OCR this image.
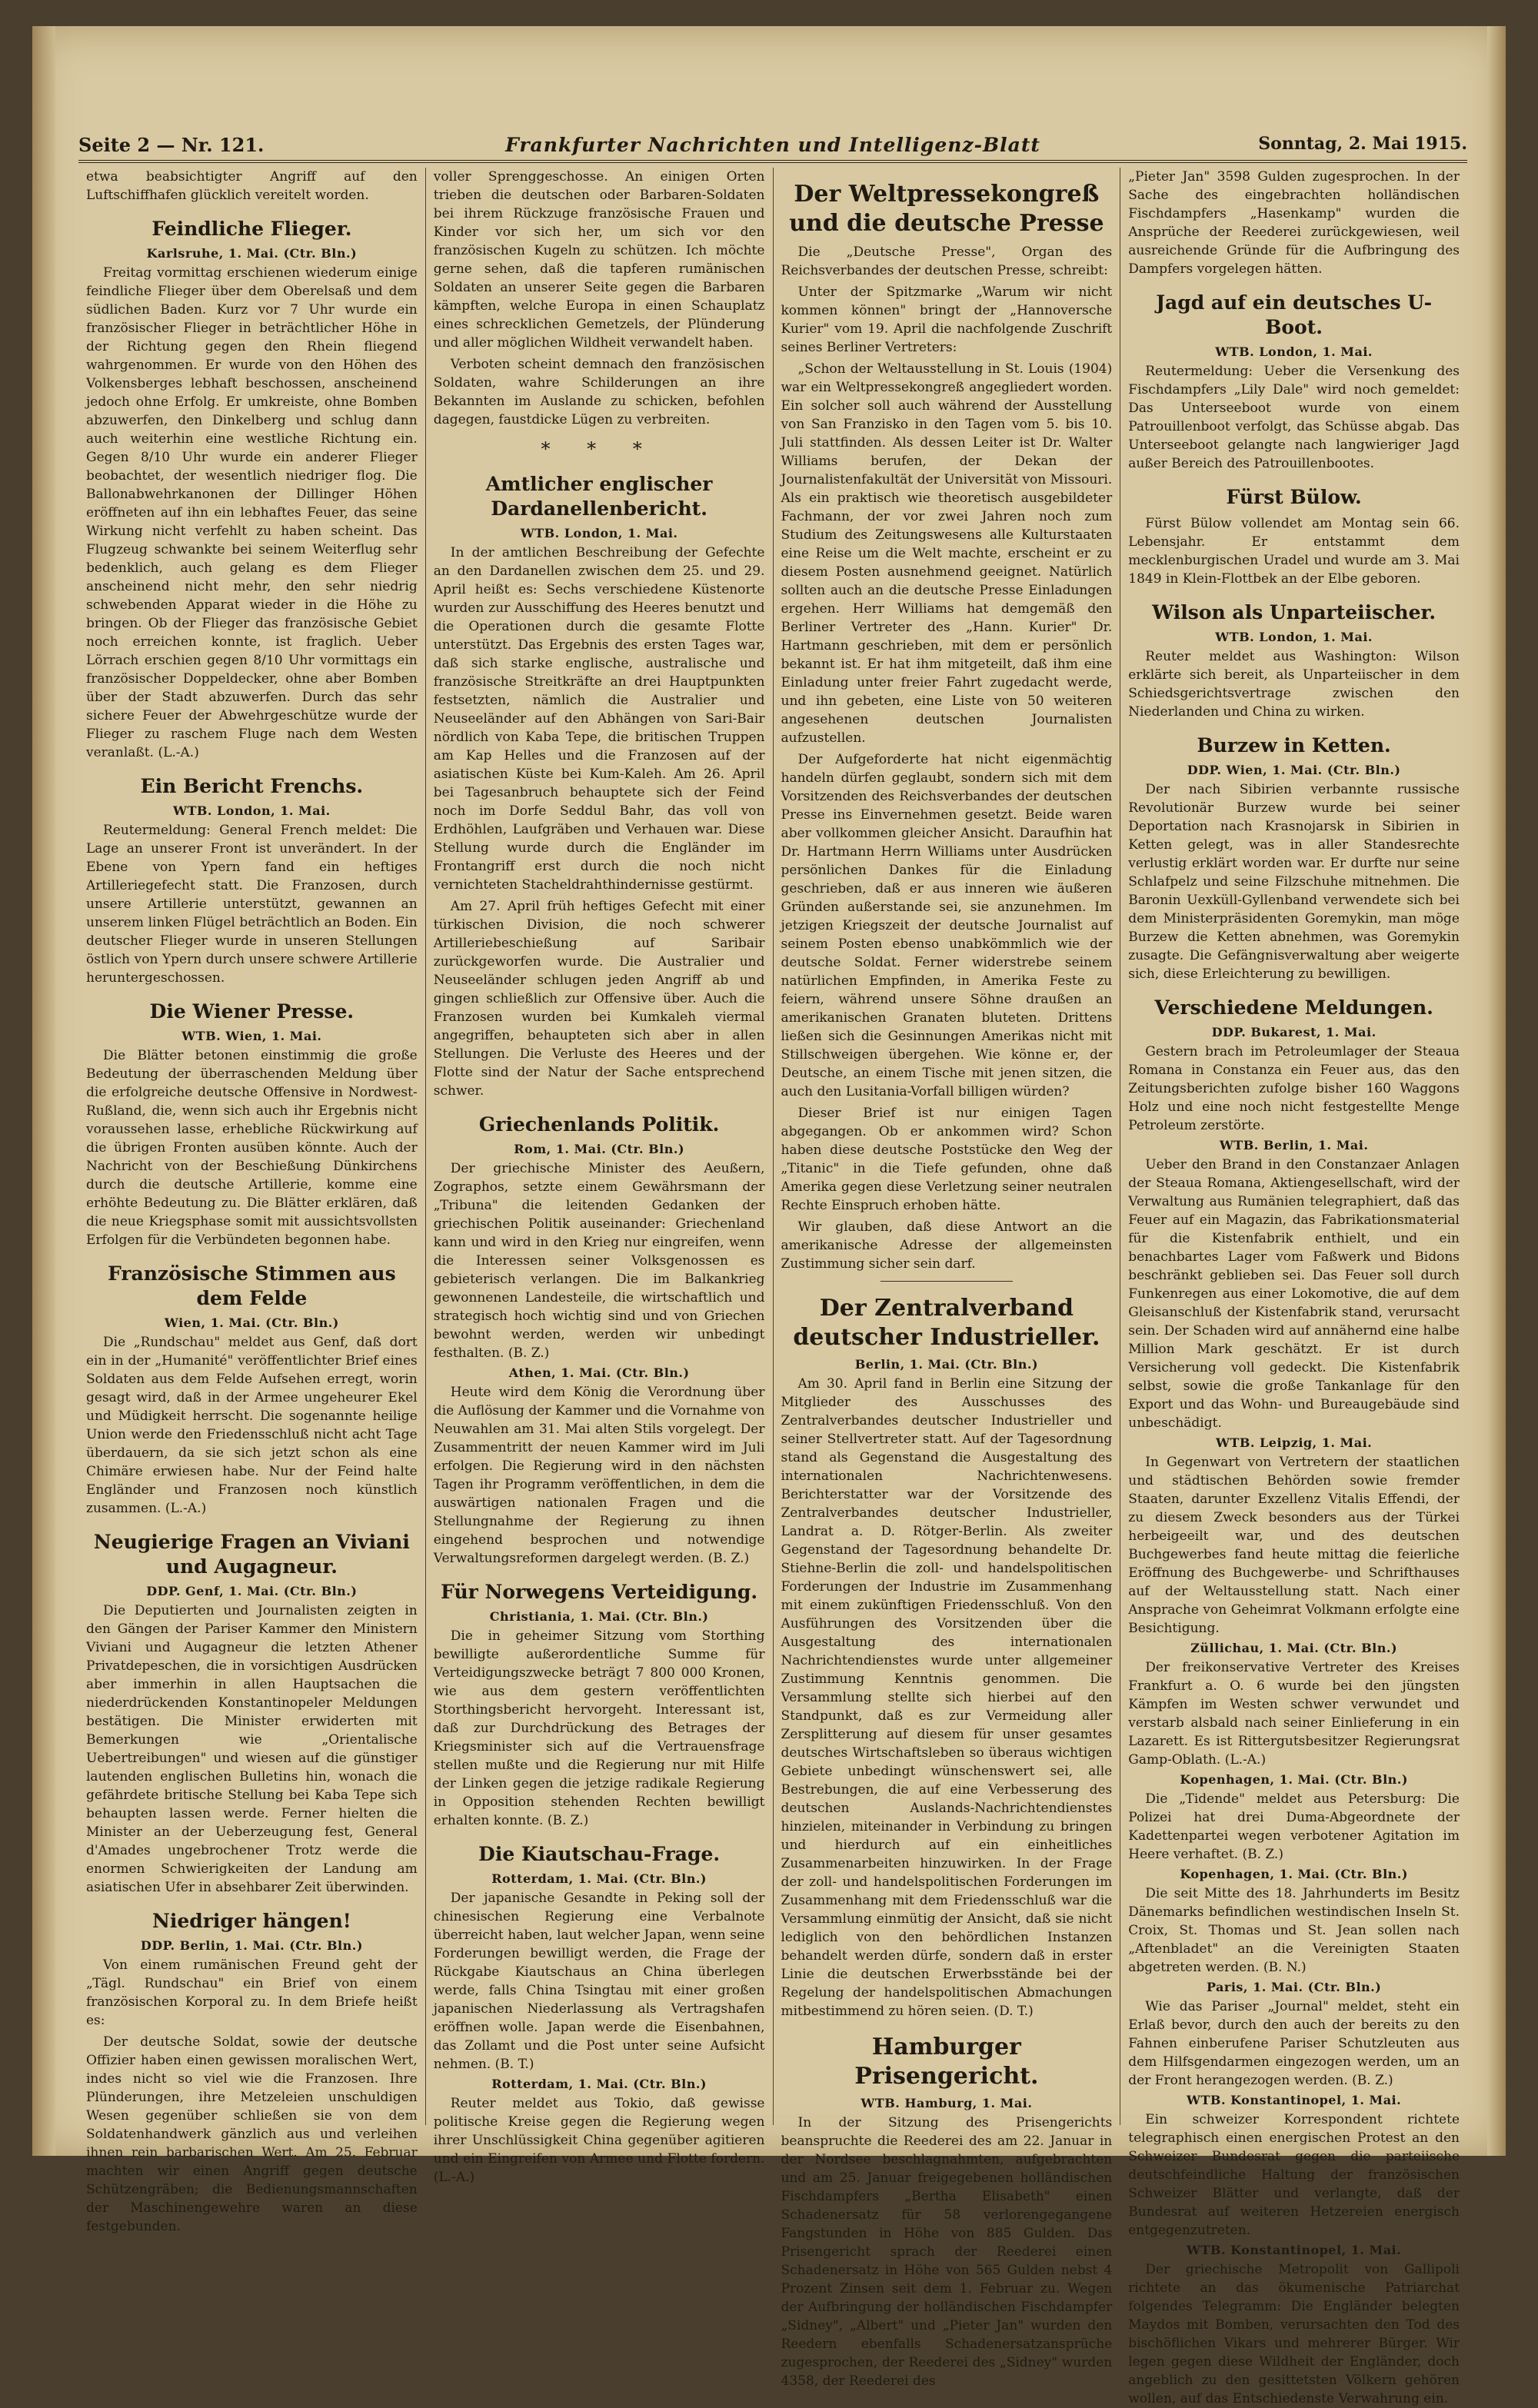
Seite 2 — Nr. 121.	Frankfurter Nachrichten und Intelligenz-Blatt	Sonntag, 2. Mai 1915.

etwa beabsichtigter Angriff auf den Luftschiffhafen glücklich vereitelt worden.

Feindliche Flieger.
Karlsruhe, 1. Mai. (Ctr. Bln.)

Freitag vormittag erschienen wiederum einige feindliche Flieger über dem Oberelsaß und dem südlichen Baden. Kurz vor 7 Uhr wurde ein französischer Flieger in beträchtlicher Höhe in der Richtung gegen den Rhein fliegend wahrgenommen. Er wurde von den Höhen des Volkensberges lebhaft beschossen, anscheinend jedoch ohne Erfolg. Er umkreiste, ohne Bomben abzuwerfen, den Dinkelberg und schlug dann auch weiterhin eine westliche Richtung ein. Gegen 8/10 Uhr wurde ein anderer Flieger beobachtet, der wesentlich niedriger flog. Die Ballonabwehrkanonen der Dillinger Höhen eröffneten auf ihn ein lebhaftes Feuer, das seine Wirkung nicht verfehlt zu haben scheint. Das Flugzeug schwankte bei seinem Weiterflug sehr bedenklich, auch gelang es dem Flieger anscheinend nicht mehr, den sehr niedrig schwebenden Apparat wieder in die Höhe zu bringen. Ob der Flieger das französische Gebiet noch erreichen konnte, ist fraglich. Ueber Lörrach erschien gegen 8/10 Uhr vormittags ein französischer Doppeldecker, ohne aber Bomben über der Stadt abzuwerfen. Durch das sehr sichere Feuer der Abwehrgeschütze wurde der Flieger zu raschem Fluge nach dem Westen veranlaßt. (L.-A.)

Ein Bericht Frenchs.
WTB. London, 1. Mai.

Reutermeldung: General French meldet: Die Lage an unserer Front ist unverändert. In der Ebene von Ypern fand ein heftiges Artilleriegefecht statt. Die Franzosen, durch unsere Artillerie unterstützt, gewannen an unserem linken Flügel beträchtlich an Boden. Ein deutscher Flieger wurde in unseren Stellungen östlich von Ypern durch unsere schwere Artillerie heruntergeschossen.

Die Wiener Presse.
WTB. Wien, 1. Mai.

Die Blätter betonen einstimmig die große Bedeutung der überraschenden Meldung über die erfolgreiche deutsche Offensive in Nordwest-Rußland, die, wenn sich auch ihr Ergebnis nicht voraussehen lasse, erhebliche Rückwirkung auf die übrigen Fronten ausüben könnte. Auch der Nachricht von der Beschießung Dünkirchens durch die deutsche Artillerie, komme eine erhöhte Bedeutung zu. Die Blätter erklären, daß die neue Kriegsphase somit mit aussichtsvollsten Erfolgen für die Verbündeten begonnen habe.

Französische Stimmen aus dem Felde
Wien, 1. Mai. (Ctr. Bln.)

Die „Rundschau" meldet aus Genf, daß dort ein in der „Humanité" veröffentlichter Brief eines Soldaten aus dem Felde Aufsehen erregt, worin gesagt wird, daß in der Armee ungeheurer Ekel und Müdigkeit herrscht. Die sogenannte heilige Union werde den Friedensschluß nicht acht Tage überdauern, da sie sich jetzt schon als eine Chimäre erwiesen habe. Nur der Feind halte Engländer und Franzosen noch künstlich zusammen. (L.-A.)

Neugierige Fragen an Viviani und Augagneur.
DDP. Genf, 1. Mai. (Ctr. Bln.)

Die Deputierten und Journalisten zeigten in den Gängen der Pariser Kammer den Ministern Viviani und Augagneur die letzten Athener Privatdepeschen, die in vorsichtigen Ausdrücken aber immerhin in allen Hauptsachen die niederdrückenden Konstantinopeler Meldungen bestätigen. Die Minister erwiderten mit Bemerkungen wie „Orientalische Uebertreibungen" und wiesen auf die günstiger lautenden englischen Bulletins hin, wonach die gefährdete britische Stellung bei Kaba Tepe sich behaupten lassen werde. Ferner hielten die Minister an der Ueberzeugung fest, General d'Amades ungebrochener Trotz werde die enormen Schwierigkeiten der Landung am asiatischen Ufer in absehbarer Zeit überwinden.

Niedriger hängen!
DDP. Berlin, 1. Mai. (Ctr. Bln.)

Von einem rumänischen Freund geht der „Tägl. Rundschau" ein Brief von einem französischen Korporal zu. In dem Briefe heißt es:

Der deutsche Soldat, sowie der deutsche Offizier haben einen gewissen moralischen Wert, indes nicht so viel wie die Franzosen. Ihre Plünderungen, ihre Metzeleien unschuldigen Wesen gegenüber schließen sie von dem Soldatenhandwerk gänzlich aus und verleihen ihnen rein barbarischen Wert. Am 25. Februar machten wir einen Angriff gegen deutsche Schützengräben; die Bedienungsmannschaften der Maschinengewehre waren an diese festgebunden.

voller Sprenggeschosse. An einigen Orten trieben die deutschen oder Barbaren-Soldaten bei ihrem Rückzuge französische Frauen und Kinder vor sich her, um sich vor den französischen Kugeln zu schützen. Ich möchte gerne sehen, daß die tapferen rumänischen Soldaten an unserer Seite gegen die Barbaren kämpften, welche Europa in einen Schauplatz eines schrecklichen Gemetzels, der Plünderung und aller möglichen Wildheit verwandelt haben.

Verboten scheint demnach den französischen Soldaten, wahre Schilderungen an ihre Bekannten im Auslande zu schicken, befohlen dagegen, faustdicke Lügen zu verbreiten.

* * *
Amtlicher englischer Dardanellenbericht.
WTB. London, 1. Mai.

In der amtlichen Beschreibung der Gefechte an den Dardanellen zwischen dem 25. und 29. April heißt es: Sechs verschiedene Küstenorte wurden zur Ausschiffung des Heeres benutzt und die Operationen durch die gesamte Flotte unterstützt. Das Ergebnis des ersten Tages war, daß sich starke englische, australische und französische Streitkräfte an drei Hauptpunkten festsetzten, nämlich die Australier und Neuseeländer auf den Abhängen von Sari-Bair nördlich von Kaba Tepe, die britischen Truppen am Kap Helles und die Franzosen auf der asiatischen Küste bei Kum-Kaleh. Am 26. April bei Tagesanbruch behauptete sich der Feind noch im Dorfe Seddul Bahr, das voll von Erdhöhlen, Laufgräben und Verhauen war. Diese Stellung wurde durch die Engländer im Frontangriff erst durch die noch nicht vernichteten Stacheldrahthindernisse gestürmt.

Am 27. April früh heftiges Gefecht mit einer türkischen Division, die noch schwerer Artilleriebeschießung auf Saribair zurückgeworfen wurde. Die Australier und Neuseeländer schlugen jeden Angriff ab und gingen schließlich zur Offensive über. Auch die Franzosen wurden bei Kumkaleh viermal angegriffen, behaupteten sich aber in allen Stellungen. Die Verluste des Heeres und der Flotte sind der Natur der Sache entsprechend schwer.

Griechenlands Politik.
Rom, 1. Mai. (Ctr. Bln.)

Der griechische Minister des Aeußern, Zographos, setzte einem Gewährsmann der „Tribuna" die leitenden Gedanken der griechischen Politik auseinander: Griechenland kann und wird in den Krieg nur eingreifen, wenn die Interessen seiner Volksgenossen es gebieterisch verlangen. Die im Balkankrieg gewonnenen Landesteile, die wirtschaftlich und strategisch hoch wichtig sind und von Griechen bewohnt werden, werden wir unbedingt festhalten. (B. Z.)

Athen, 1. Mai. (Ctr. Bln.)

Heute wird dem König die Verordnung über die Auflösung der Kammer und die Vornahme von Neuwahlen am 31. Mai alten Stils vorgelegt. Der Zusammentritt der neuen Kammer wird im Juli erfolgen. Die Regierung wird in den nächsten Tagen ihr Programm veröffentlichen, in dem die auswärtigen nationalen Fragen und die Stellungnahme der Regierung zu ihnen eingehend besprochen und notwendige Verwaltungsreformen dargelegt werden. (B. Z.)

Für Norwegens Verteidigung.
Christiania, 1. Mai. (Ctr. Bln.)

Die in geheimer Sitzung vom Storthing bewilligte außerordentliche Summe für Verteidigungszwecke beträgt 7 800 000 Kronen, wie aus dem gestern veröffentlichten Storthingsbericht hervorgeht. Interessant ist, daß zur Durchdrückung des Betrages der Kriegsminister sich auf die Vertrauensfrage stellen mußte und die Regierung nur mit Hilfe der Linken gegen die jetzige radikale Regierung in Opposition stehenden Rechten bewilligt erhalten konnte. (B. Z.)

Die Kiautschau-Frage.
Rotterdam, 1. Mai. (Ctr. Bln.)

Der japanische Gesandte in Peking soll der chinesischen Regierung eine Verbalnote überreicht haben, laut welcher Japan, wenn seine Forderungen bewilligt werden, die Frage der Rückgabe Kiautschaus an China überlegen werde, falls China Tsingtau mit einer großen japanischen Niederlassung als Vertragshafen eröffnen wolle. Japan werde die Eisenbahnen, das Zollamt und die Post unter seine Aufsicht nehmen. (B. T.)

Rotterdam, 1. Mai. (Ctr. Bln.)

Reuter meldet aus Tokio, daß gewisse politische Kreise gegen die Regierung wegen ihrer Unschlüssigkeit China gegenüber agitieren und ein Eingreifen von Armee und Flotte fordern. (L.-A.)

Der Weltpressekongreß und die deutsche Presse

Die „Deutsche Presse", Organ des Reichsverbandes der deutschen Presse, schreibt:

Unter der Spitzmarke „Warum wir nicht kommen können" bringt der „Hannoversche Kurier" vom 19. April die nachfolgende Zuschrift seines Berliner Vertreters:

„Schon der Weltausstellung in St. Louis (1904) war ein Weltpressekongreß angegliedert worden. Ein solcher soll auch während der Ausstellung von San Franzisko in den Tagen vom 5. bis 10. Juli stattfinden. Als dessen Leiter ist Dr. Walter Williams berufen, der Dekan der Journalistenfakultät der Universität von Missouri. Als ein praktisch wie theoretisch ausgebildeter Fachmann, der vor zwei Jahren noch zum Studium des Zeitungswesens alle Kulturstaaten eine Reise um die Welt machte, erscheint er zu diesem Posten ausnehmend geeignet. Natürlich sollten auch an die deutsche Presse Einladungen ergehen. Herr Williams hat demgemäß den Berliner Vertreter des „Hann. Kurier" Dr. Hartmann geschrieben, mit dem er persönlich bekannt ist. Er hat ihm mitgeteilt, daß ihm eine Einladung unter freier Fahrt zugedacht werde, und ihn gebeten, eine Liste von 50 weiteren angesehenen deutschen Journalisten aufzustellen.

Der Aufgeforderte hat nicht eigenmächtig handeln dürfen geglaubt, sondern sich mit dem Vorsitzenden des Reichsverbandes der deutschen Presse ins Einvernehmen gesetzt. Beide waren aber vollkommen gleicher Ansicht. Daraufhin hat Dr. Hartmann Herrn Williams unter Ausdrücken persönlichen Dankes für die Einladung geschrieben, daß er aus inneren wie äußeren Gründen außerstande sei, sie anzunehmen. Im jetzigen Kriegszeit der deutsche Journalist auf seinem Posten ebenso unabkömmlich wie der deutsche Soldat. Ferner widerstrebe seinem natürlichen Empfinden, in Amerika Feste zu feiern, während unsere Söhne draußen an amerikanischen Granaten bluteten. Drittens ließen sich die Gesinnungen Amerikas nicht mit Stillschweigen übergehen. Wie könne er, der Deutsche, an einem Tische mit jenen sitzen, die auch den Lusitania-Vorfall billigen würden?

Dieser Brief ist nur einigen Tagen abgegangen. Ob er ankommen wird? Schon haben diese deutsche Poststücke den Weg der „Titanic" in die Tiefe gefunden, ohne daß Amerika gegen diese Verletzung seiner neutralen Rechte Einspruch erhoben hätte.

Wir glauben, daß diese Antwort an die amerikanische Adresse der allgemeinsten Zustimmung sicher sein darf.

Der Zentralverband deutscher Industrieller.
Berlin, 1. Mai. (Ctr. Bln.)

Am 30. April fand in Berlin eine Sitzung der Mitglieder des Ausschusses des Zentralverbandes deutscher Industrieller und seiner Stellvertreter statt. Auf der Tagesordnung stand als Gegenstand die Ausgestaltung des internationalen Nachrichtenwesens. Berichterstatter war der Vorsitzende des Zentralverbandes deutscher Industrieller, Landrat a. D. Rötger-Berlin. Als zweiter Gegenstand der Tagesordnung behandelte Dr. Stiehne-Berlin die zoll- und handelspolitischen Forderungen der Industrie im Zusammenhang mit einem zukünftigen Friedensschluß. Von den Ausführungen des Vorsitzenden über die Ausgestaltung des internationalen Nachrichtendienstes wurde unter allgemeiner Zustimmung Kenntnis genommen. Die Versammlung stellte sich hierbei auf den Standpunkt, daß es zur Vermeidung aller Zersplitterung auf diesem für unser gesamtes deutsches Wirtschaftsleben so überaus wichtigen Gebiete unbedingt wünschenswert sei, alle Bestrebungen, die auf eine Verbesserung des deutschen Auslands-Nachrichtendienstes hinzielen, miteinander in Verbindung zu bringen und hierdurch auf ein einheitliches Zusammenarbeiten hinzuwirken. In der Frage der zoll- und handelspolitischen Forderungen im Zusammenhang mit dem Friedensschluß war die Versammlung einmütig der Ansicht, daß sie nicht lediglich von den behördlichen Instanzen behandelt werden dürfe, sondern daß in erster Linie die deutschen Erwerbsstände bei der Regelung der handelspolitischen Abmachungen mitbestimmend zu hören seien. (D. T.)

Hamburger Prisengericht.
WTB. Hamburg, 1. Mai.

In der Sitzung des Prisengerichts beanspruchte die Reederei des am 22. Januar in der Nordsee beschlagnahmten, aufgebrachten und am 25. Januar freigegebenen holländischen Fischdampfers „Bertha Elisabeth" einen Schadenersatz für 58 verlorengegangene Fangstunden in Höhe von 885 Gulden. Das Prisengericht sprach der Reederei einen Schadenersatz in Höhe von 565 Gulden nebst 4 Prozent Zinsen seit dem 1. Februar zu. Wegen der Aufbringung der holländischen Fischdampfer „Sidney", „Albert" und „Pieter Jan" wurden den Reedern ebenfalls Schadenersatzansprüche zugesprochen, der Reederei des „Sidney" wurden 4358, der Reederei des

„Pieter Jan" 3598 Gulden zugesprochen. In der Sache des eingebrachten holländischen Fischdampfers „Hasenkamp" wurden die Ansprüche der Reederei zurückgewiesen, weil ausreichende Gründe für die Aufbringung des Dampfers vorgelegen hätten.

Jagd auf ein deutsches U-Boot.
WTB. London, 1. Mai.

Reutermeldung: Ueber die Versenkung des Fischdampfers „Lily Dale" wird noch gemeldet: Das Unterseeboot wurde von einem Patrouillenboot verfolgt, das Schüsse abgab. Das Unterseeboot gelangte nach langwieriger Jagd außer Bereich des Patrouillenbootes.

Fürst Bülow.

Fürst Bülow vollendet am Montag sein 66. Lebensjahr. Er entstammt dem mecklenburgischen Uradel und wurde am 3. Mai 1849 in Klein-Flottbek an der Elbe geboren.

Wilson als Unparteiischer.
WTB. London, 1. Mai.

Reuter meldet aus Washington: Wilson erklärte sich bereit, als Unparteiischer in dem Schiedsgerichtsvertrage zwischen den Niederlanden und China zu wirken.

Burzew in Ketten.
DDP. Wien, 1. Mai. (Ctr. Bln.)

Der nach Sibirien verbannte russische Revolutionär Burzew wurde bei seiner Deportation nach Krasnojarsk in Sibirien in Ketten gelegt, was in aller Standesrechte verlustig erklärt worden war. Er durfte nur seine Schlafpelz und seine Filzschuhe mitnehmen. Die Baronin Uexküll-Gyllenband verwendete sich bei dem Ministerpräsidenten Goremykin, man möge Burzew die Ketten abnehmen, was Goremykin zusagte. Die Gefängnisverwaltung aber weigerte sich, diese Erleichterung zu bewilligen.

Verschiedene Meldungen.
DDP. Bukarest, 1. Mai.

Gestern brach im Petroleumlager der Steaua Romana in Constanza ein Feuer aus, das den Zeitungsberichten zufolge bisher 160 Waggons Holz und eine noch nicht festgestellte Menge Petroleum zerstörte.

WTB. Berlin, 1. Mai.

Ueber den Brand in den Constanzaer Anlagen der Steaua Romana, Aktiengesellschaft, wird der Verwaltung aus Rumänien telegraphiert, daß das Feuer auf ein Magazin, das Fabrikationsmaterial für die Kistenfabrik enthielt, und ein benachbartes Lager vom Faßwerk und Bidons beschränkt geblieben sei. Das Feuer soll durch Funkenregen aus einer Lokomotive, die auf dem Gleisanschluß der Kistenfabrik stand, verursacht sein. Der Schaden wird auf annähernd eine halbe Million Mark geschätzt. Er ist durch Versicherung voll gedeckt. Die Kistenfabrik selbst, sowie die große Tankanlage für den Export und das Wohn- und Bureaugebäude sind unbeschädigt.

WTB. Leipzig, 1. Mai.

In Gegenwart von Vertretern der staatlichen und städtischen Behörden sowie fremder Staaten, darunter Exzellenz Vitalis Effendi, der zu diesem Zweck besonders aus der Türkei herbeigeeilt war, und des deutschen Buchgewerbes fand heute mittag die feierliche Eröffnung des Buchgewerbe- und Schrifthauses auf der Weltausstellung statt. Nach einer Ansprache von Geheimrat Volkmann erfolgte eine Besichtigung.

Züllichau, 1. Mai. (Ctr. Bln.)

Der freikonservative Vertreter des Kreises Frankfurt a. O. 6 wurde bei den jüngsten Kämpfen im Westen schwer verwundet und verstarb alsbald nach seiner Einlieferung in ein Lazarett. Es ist Rittergutsbesitzer Regierungsrat Gamp-Oblath. (L.-A.)

Kopenhagen, 1. Mai. (Ctr. Bln.)

Die „Tidende" meldet aus Petersburg: Die Polizei hat drei Duma-Abgeordnete der Kadettenpartei wegen verbotener Agitation im Heere verhaftet. (B. Z.)

Kopenhagen, 1. Mai. (Ctr. Bln.)

Die seit Mitte des 18. Jahrhunderts im Besitz Dänemarks befindlichen westindischen Inseln St. Croix, St. Thomas und St. Jean sollen nach „Aftenbladet" an die Vereinigten Staaten abgetreten werden. (B. N.)

Paris, 1. Mai. (Ctr. Bln.)

Wie das Pariser „Journal" meldet, steht ein Erlaß bevor, durch den auch der bereits zu den Fahnen einberufene Pariser Schutzleuten aus dem Hilfsgendarmen eingezogen werden, um an der Front herangezogen werden. (B. Z.)

WTB. Konstantinopel, 1. Mai.

Ein schweizer Korrespondent richtete telegraphisch einen energischen Protest an den Schweizer Bundesrat gegen die parteiische deutschfeindliche Haltung der französischen Schweizer Blätter und verlangte, daß der Bundesrat auf weiteren Hetzereien energisch entgegenzutreten.

WTB. Konstantinopel, 1. Mai.

Der griechische Metropolit von Gallipoli richtete an das ökumenische Patriarchat folgendes Telegramm: Die Engländer belegten Maydos mit Bomben, verursachten den Tod des bischöflichen Vikars und mehrerer Bürger. Wir legen gegen diese Wildheit der Engländer, doch angeblich zu den gesittetsten Völkern gehören wollen, auf das Entschiedenste Verwahrung ein.
